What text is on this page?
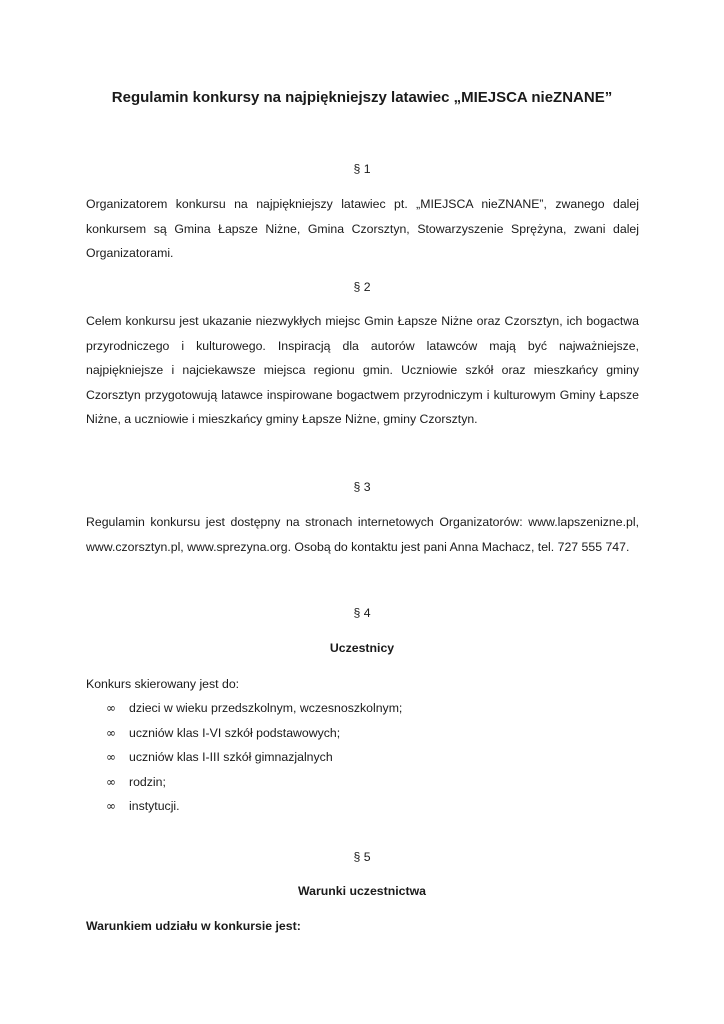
Regulamin konkursy na najpiękniejszy latawiec „MIEJSCA nieZNANE”

§ 1

Organizatorem konkursu na najpiękniejszy latawiec pt. „MIEJSCA nieZNANE”, zwanego dalej konkursem są Gmina Łapsze Niżne, Gmina Czorsztyn, Stowarzyszenie Sprężyna, zwani dalej Organizatorami.

§ 2

Celem konkursu jest ukazanie niezwykłych miejsc Gmin Łapsze Niżne oraz Czorsztyn, ich bogactwa przyrodniczego i kulturowego. Inspiracją dla autorów latawców mają być najważniejsze, najpiękniejsze i najciekawsze miejsca regionu gmin. Uczniowie szkół oraz mieszkańcy gminy Czorsztyn przygotowują latawce inspirowane bogactwem przyrodniczym i kulturowym Gminy Łapsze Niżne, a uczniowie i mieszkańcy gminy Łapsze Niżne, gminy Czorsztyn.

§ 3

Regulamin konkursu jest dostępny na stronach internetowych Organizatorów: www.lapszenizne.pl, www.czorsztyn.pl, www.sprezyna.org. Osobą do kontaktu jest pani Anna Machacz, tel. 727 555 747.

§ 4

Uczestnicy

Konkurs skierowany jest do:

∞ dzieci w wieku przedszkolnym, wczesnoszkolnym;
∞ uczniów klas I-VI szkół podstawowych;
∞ uczniów klas I-III szkół gimnazjalnych
∞ rodzin;
∞ instytucji.

§ 5

Warunki uczestnictwa

Warunkiem udziału w konkursie jest:
